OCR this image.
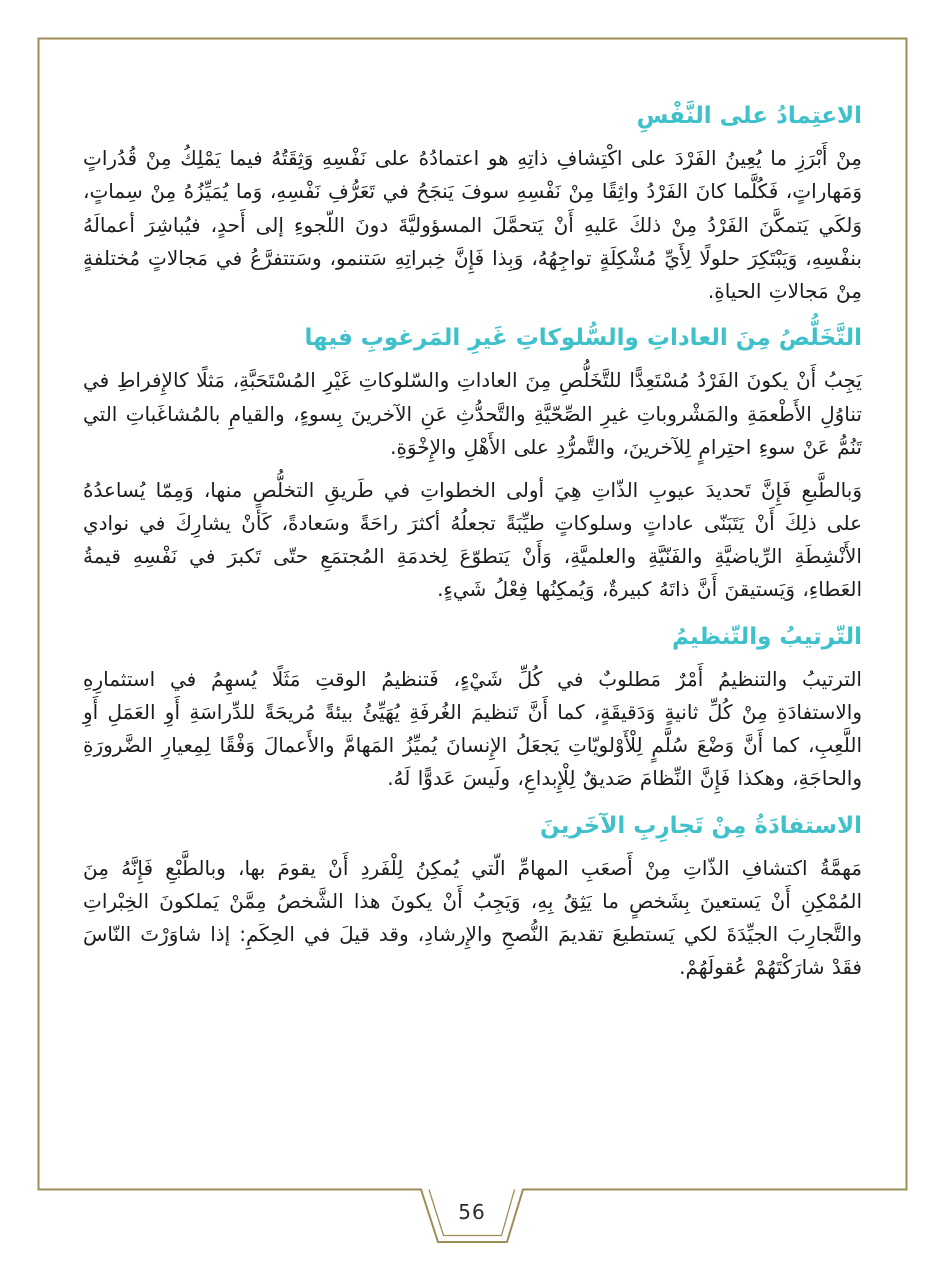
56
الاعتِمادُ على النَّفْسِ

مِنْ أَبْرَزِ ما يُعِينُ الفَرْدَ على اكْتِشافِ ذاتِهِ هو اعتمادُهُ على نَفْسِهِ وَثِقَتُهُ فيما يَمْلِكُ مِنْ قُدُراتٍ وَمَهاراتٍ، فَكُلَّما كانَ الفَرْدُ واثِقًا مِنْ نَفْسِهِ سوفَ يَنجَحُ في تَعَرُّفِ نَفْسِهِ، وَما يُمَيِّزُهُ مِنْ سِماتٍ، وَلكَي يَتمكَّنَ الفَرْدُ مِنْ ذلكَ عَليهِ أَنْ يَتحمَّلَ المسؤوليَّةَ دونَ اللّجوءِ إلى أَحدٍ، فيُباشِرَ أعمالَهُ بنفْسِهِ، وَيَبْتَكِرَ حلولًا لِأَيِّ مُشْكِلَةٍ تواجِهُهُ، وَبِذا فَإِنَّ خِبراتِهِ سَتنمو، وسَتتفرَّعُ في مَجالاتٍ مُختلفةٍ مِنْ مَجالاتِ الحياةِ.

التَّخَلُّصُ مِنَ العاداتِ والسُّلوكاتِ غَيرِ المَرغوبِ فيها

يَجِبُ أَنْ يكونَ الفَرْدُ مُسْتَعِدًّا للتَّخَلُّصِ مِنَ العاداتِ والسّلوكاتِ غَيْرِ المُسْتَحَبَّةِ، مَثلًا كالإِفراطِ في تناوُلِ الأَطْعمَةِ والمَشْروباتِ غيرِ الصِّحّيَّةِ والتَّحدُّثِ عَنِ الآخرينَ بِسوءٍ، والقيامِ بالمُشاغَباتِ التي تَنُمُّ عَنْ سوءِ احتِرامٍ لِلآخرينَ، والتَّمرُّدِ على الأَهْلِ والإِخْوَةِ.

وَبالطَّبعِ فَإِنَّ تَحديدَ عيوبِ الذّاتِ هِيَ أولى الخطواتِ في طَريقِ التخلُّصِ منها، وَمِمّا يُساعدُهُ على ذلِكَ أَنْ يَتَبَنّى عاداتٍ وسلوكاتٍ طيِّبَةً تجعلُهُ أكثرَ راحَةً وسَعادةً، كَأَنْ يشارِكَ في نوادي الأَنْشِطَةِ الرِّياضيَّةِ والفَنّيَّةِ والعلميَّةِ، وَأَنْ يَتطوّعَ لِخدمَةِ المُجتمَعِ حتّى تَكبرَ في نَفْسِهِ قيمةُ العَطاءِ، وَيَستيقنَ أَنَّ ذاتَهُ كبيرةٌ، وَيُمكِنُها فِعْلُ شَيءٍ.

التّرتيبُ والتّنظيمُ

الترتيبُ والتنظيمُ أَمْرٌ مَطلوبٌ في كُلِّ شَيْءٍ، فَتنظيمُ الوقتِ مَثَلًا يُسهِمُ في استثمارِهِ والاستفادَةِ مِنْ كُلِّ ثانيةٍ وَدَقيقَةٍ، كما أَنَّ تَنظيمَ الغُرفَةِ يُهَيِّئُ بيئةً مُريحَةً للدِّراسَةِ أَوِ العَمَلِ أَوِ اللَّعِبِ، كما أَنَّ وَضْعَ سُلَّمٍ لِلْأَوْلويّاتِ يَجعَلُ الإِنسانَ يُميِّزُ المَهامَّ والأَعمالَ وَفْقًا لِمِعيارِ الضَّرورَةِ والحاجَةِ، وهكذا فَإِنَّ النِّظامَ صَديقٌ لِلْإِبداعِ، ولَيسَ عَدوًّا لَهُ.

الاستفادَةُ مِنْ تَجارِبِ الآخَرينَ

مَهمَّةُ اكتشافِ الذّاتِ مِنْ أَصعَبِ المهامِّ الّتي يُمكِنُ لِلْفَردِ أَنْ يقومَ بها، وبالطَّبْعِ فَإِنَّهُ مِنَ المُمْكِنِ أَنْ يَستعينَ بِشَخصٍ ما يَثِقُ بِهِ، وَيَجِبُ أَنْ يكونَ هذا الشَّخصُ مِمَّنْ يَملكونَ الخِبْراتِ والتَّجارِبَ الجيِّدَةَ لكي يَستطيعَ تقديمَ النُّصحِ والإِرشادِ، وقد قيلَ في الحِكَمِ: إذا شاوَرْتَ النّاسَ فقَدْ شارَكْتَهُمْ عُقولَهُمْ.
